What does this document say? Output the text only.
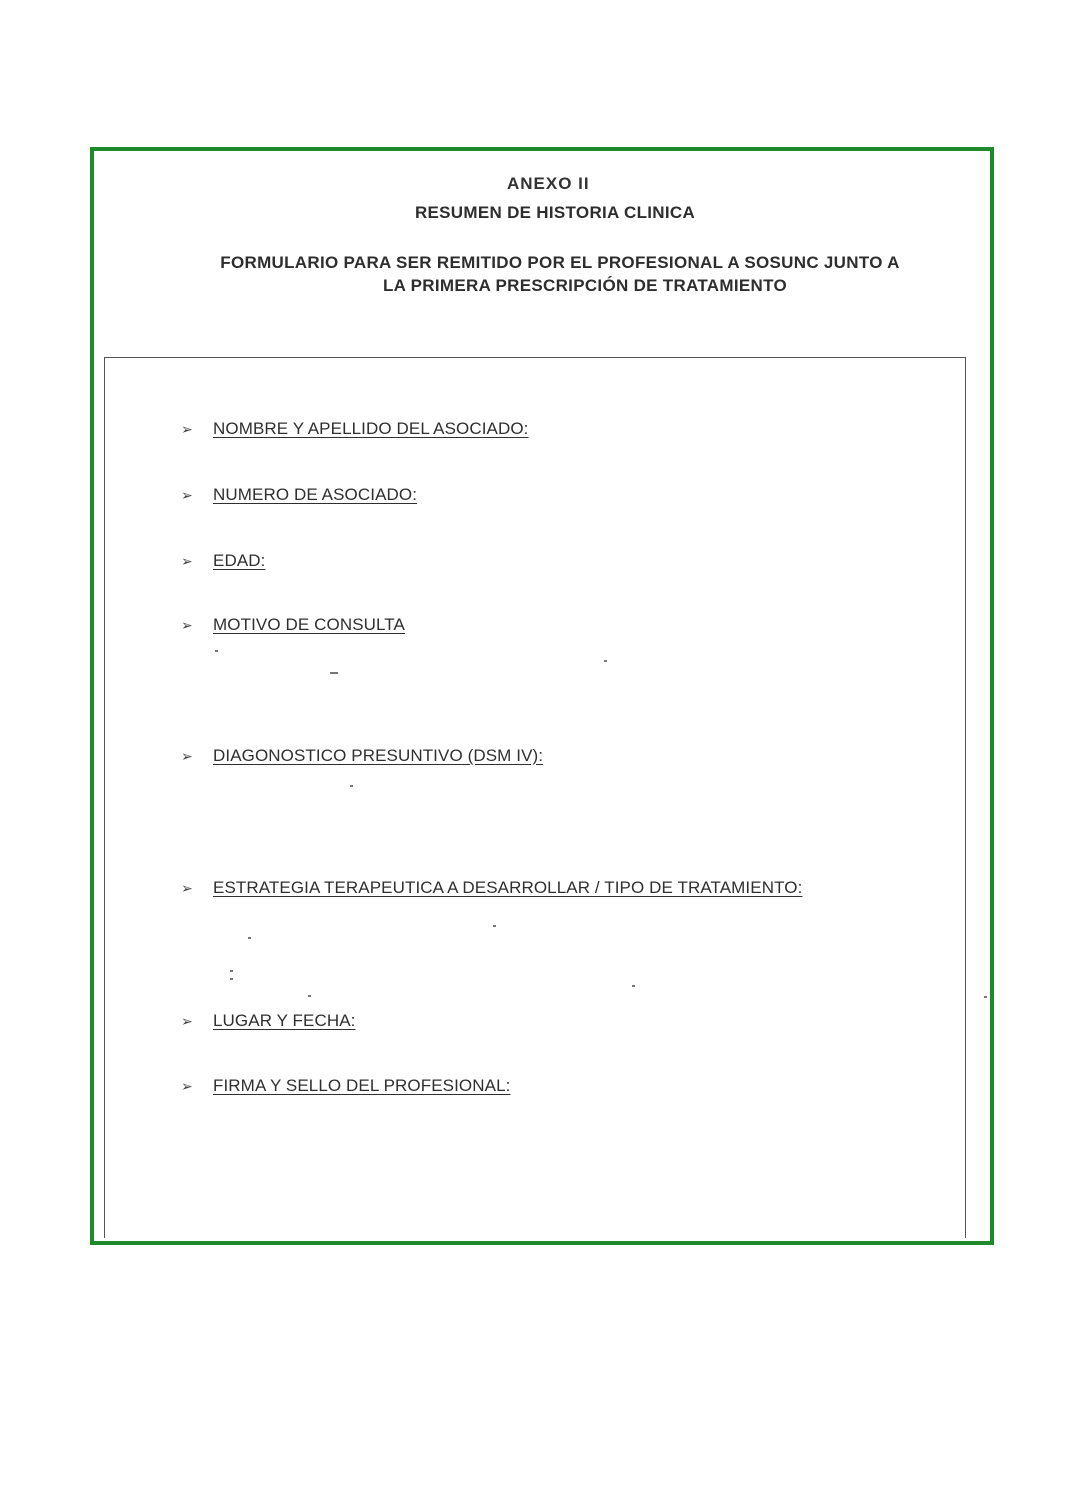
ANEXO II
RESUMEN DE HISTORIA CLINICA
FORMULARIO PARA SER REMITIDO POR EL PROFESIONAL A SOSUNC JUNTO A
LA PRIMERA PRESCRIPCIÓN DE TRATAMIENTO
➢	NOMBRE Y APELLIDO DEL ASOCIADO:
➢	NUMERO DE ASOCIADO:
➢	EDAD:
➢	MOTIVO DE CONSULTA
➢	DIAGONOSTICO PRESUNTIVO (DSM IV):
➢	ESTRATEGIA TERAPEUTICA A DESARROLLAR / TIPO DE TRATAMIENTO:
➢	LUGAR Y FECHA:
➢	FIRMA Y SELLO DEL PROFESIONAL:
